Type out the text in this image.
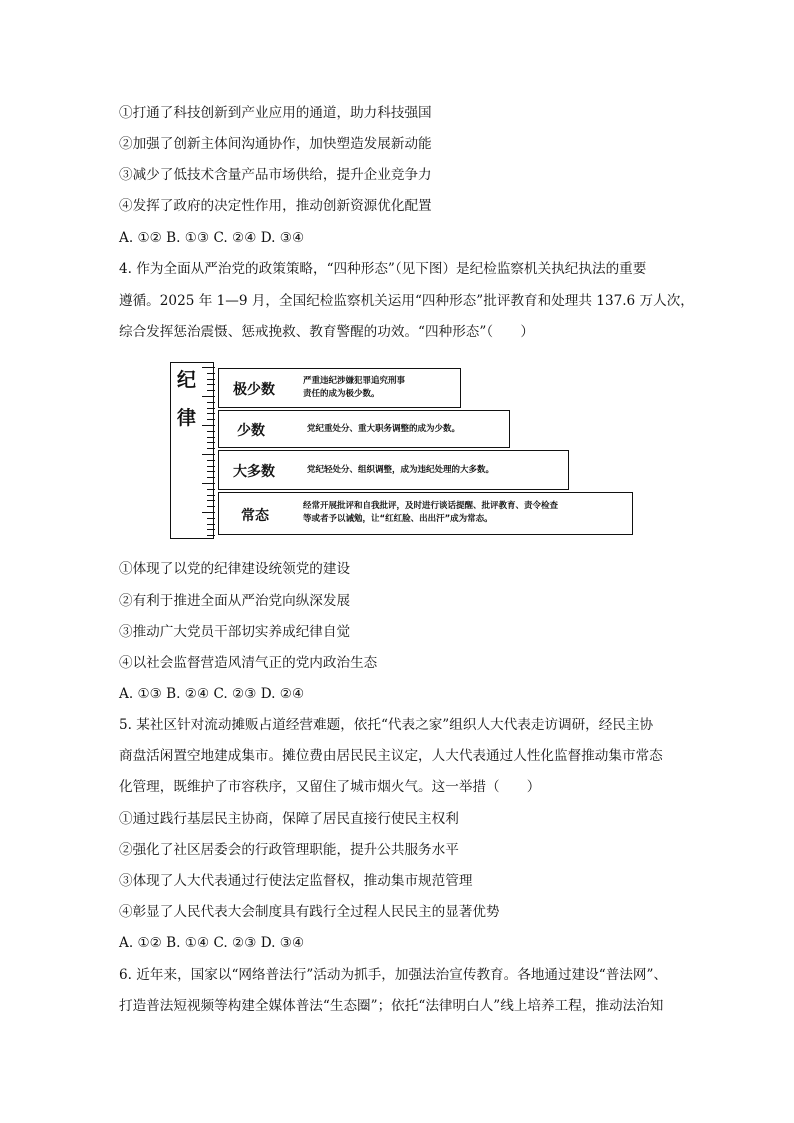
①打通了科技创新到产业应用的通道，助力科技强国
②加强了创新主体间沟通协作，加快塑造发展新动能
③减少了低技术含量产品市场供给，提升企业竞争力
④发挥了政府的决定性作用，推动创新资源优化配置
A. ①② B. ①③ C. ②④ D. ③④
4. 作为全面从严治党的政策策略，“四种形态”（见下图）是纪检监察机关执纪执法的重要
遵循。2025 年 1—9 月，全国纪检监察机关运用“四种形态”批评教育和处理共 137.6 万人次，
综合发挥惩治震慑、惩戒挽救、教育警醒的功效。“四种形态”（　　）
纪
律
极少数
严重违纪涉嫌犯罪追究刑事
责任的成为极少数。
少数	党纪重处分、重大职务调整的成为少数。
大多数	党纪轻处分、组织调整，成为违纪处理的大多数。
常态
经常开展批评和自我批评，及时进行谈话提醒、批评教育、责令检查
等或者予以诫勉，让“红红脸、出出汗”成为常态。
①体现了以党的纪律建设统领党的建设
②有利于推进全面从严治党向纵深发展
③推动广大党员干部切实养成纪律自觉
④以社会监督营造风清气正的党内政治生态
A. ①③ B. ②④ C. ②③ D. ②④
5. 某社区针对流动摊贩占道经营难题，依托“代表之家”组织人大代表走访调研，经民主协
商盘活闲置空地建成集市。摊位费由居民民主议定，人大代表通过人性化监督推动集市常态
化管理，既维护了市容秩序，又留住了城市烟火气。这一举措（　　）
①通过践行基层民主协商，保障了居民直接行使民主权利
②强化了社区居委会的行政管理职能，提升公共服务水平
③体现了人大代表通过行使法定监督权，推动集市规范管理
④彰显了人民代表大会制度具有践行全过程人民民主的显著优势
A. ①② B. ①④ C. ②③ D. ③④
6. 近年来，国家以“网络普法行”活动为抓手，加强法治宣传教育。各地通过建设“普法网”、
打造普法短视频等构建全媒体普法“生态圈”；依托“法律明白人”线上培养工程，推动法治知
